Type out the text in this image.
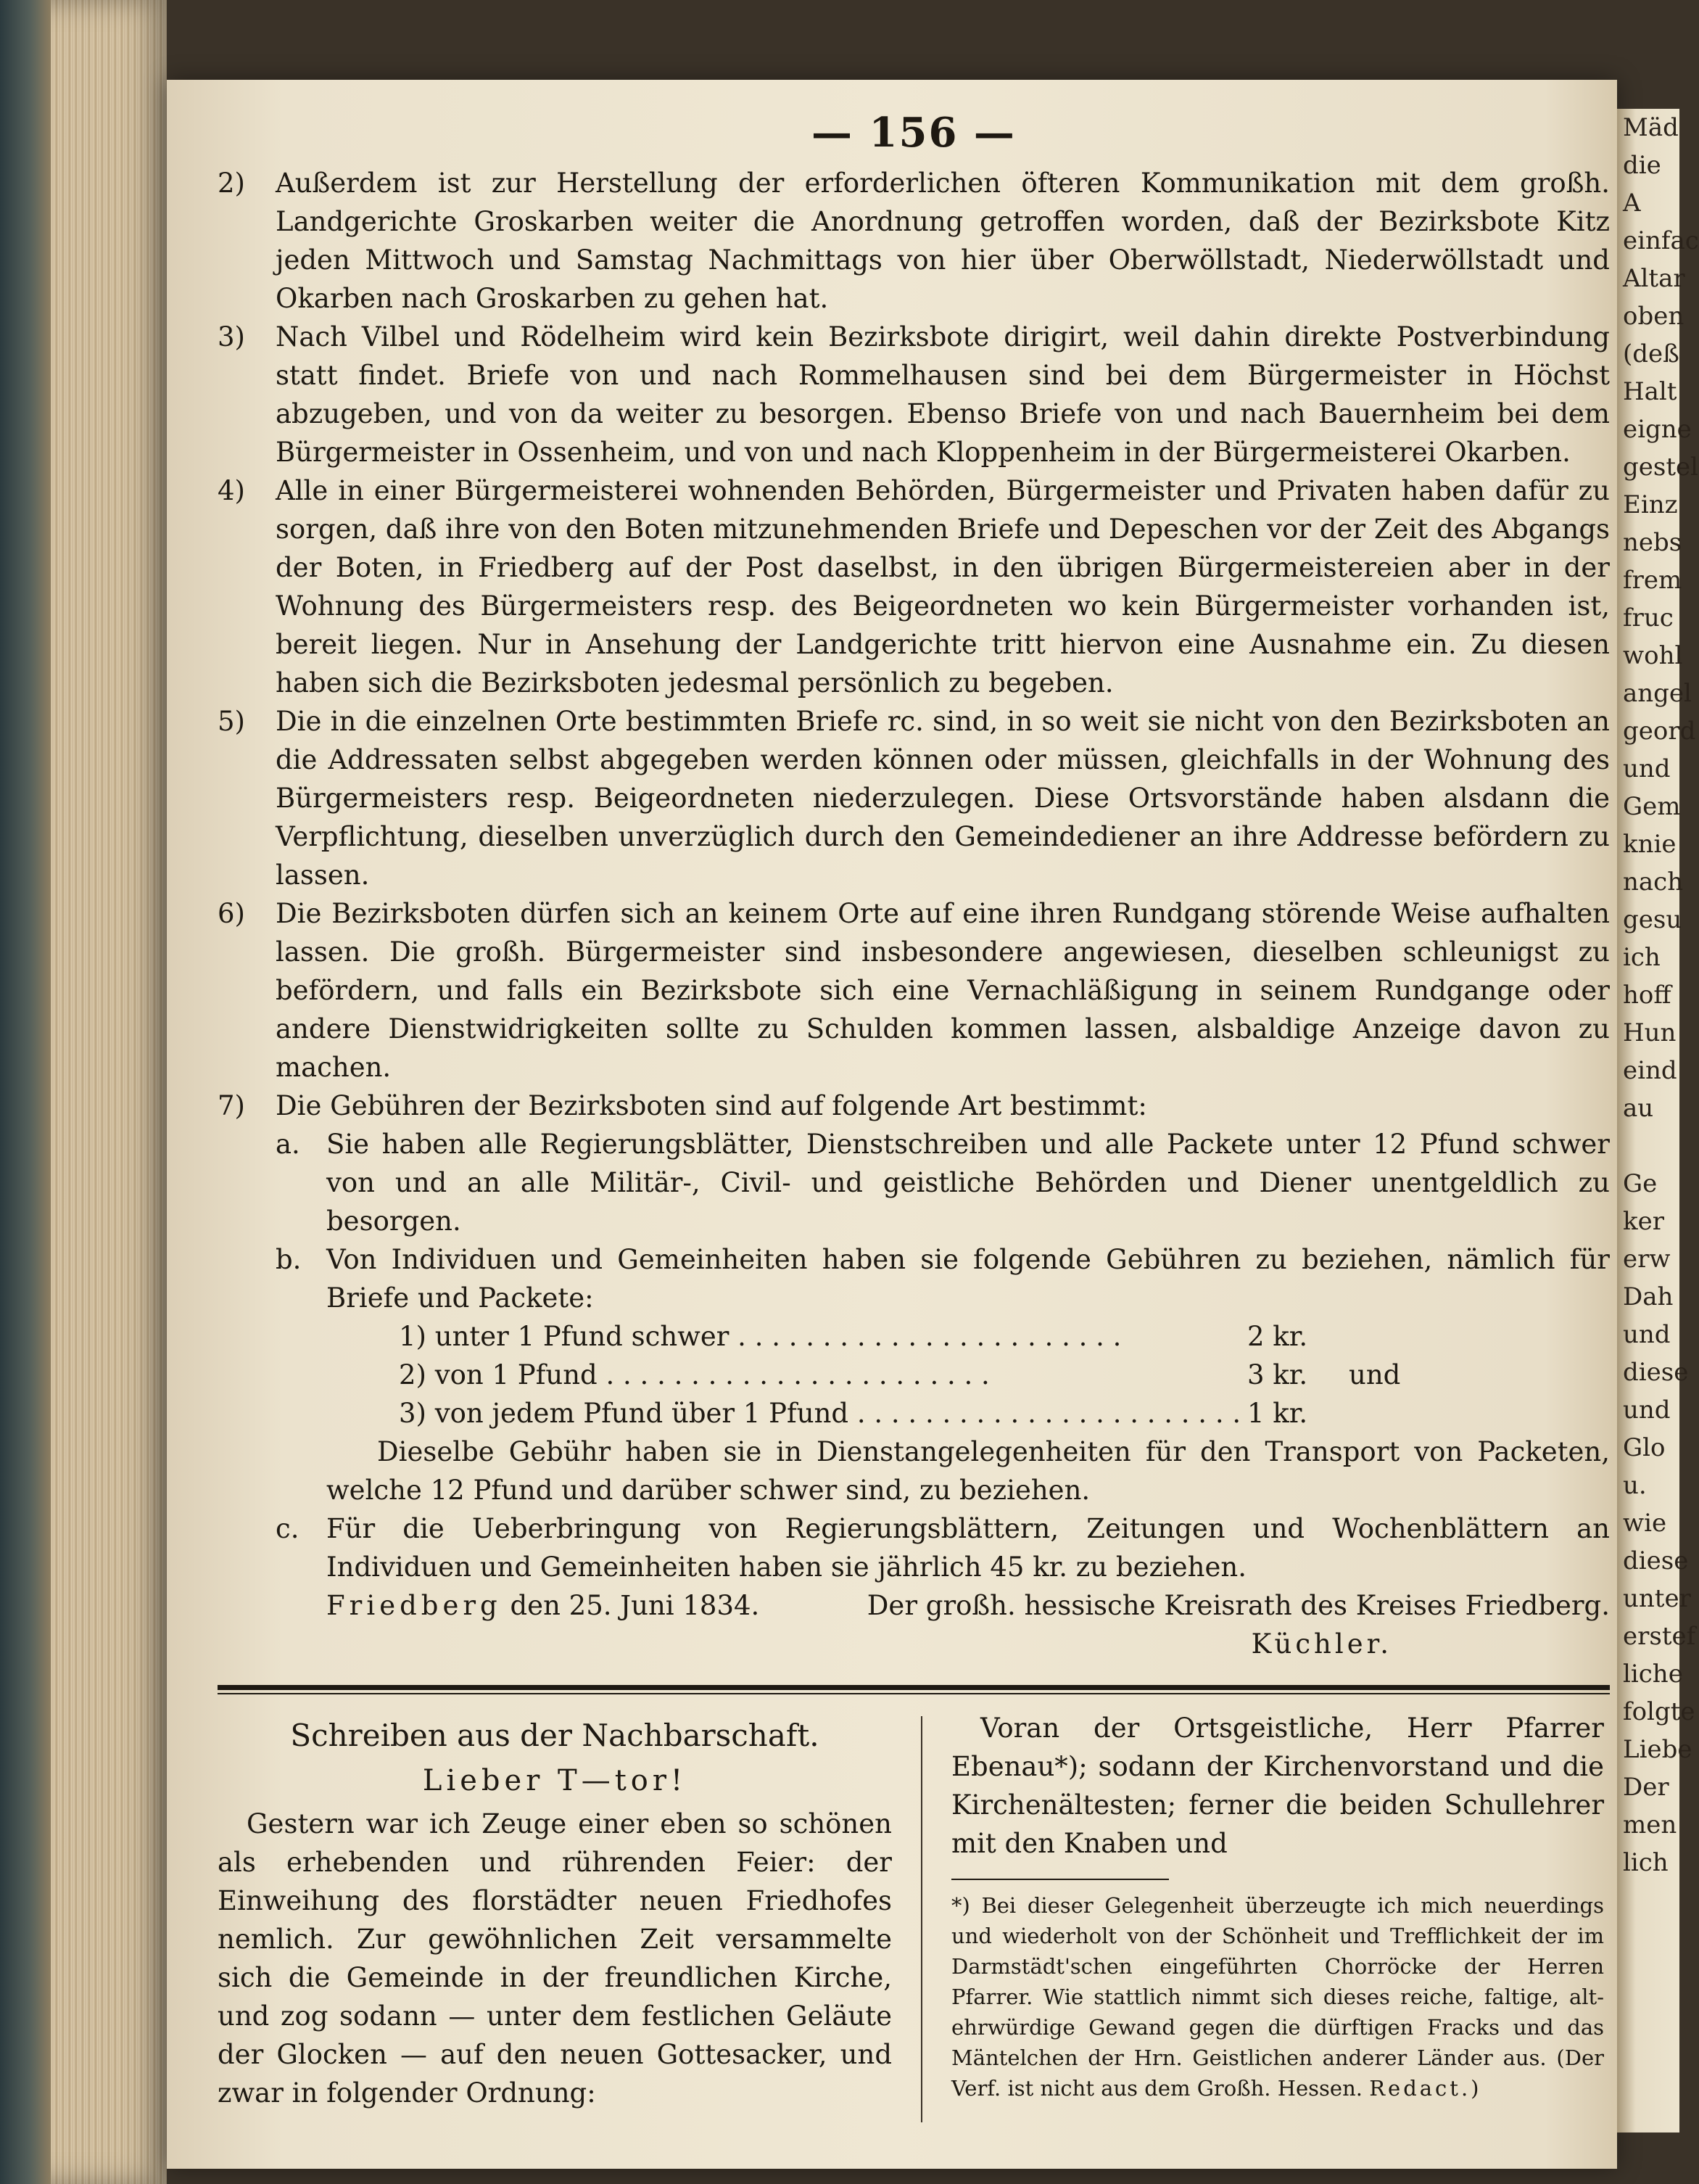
Mäd
die
A
einfac
Altar
oben
(deß
Halt
eigne
gestel
Einz
nebs
frem
fruc
wohl
angel
geord
und
Gem
knie
nach
gesu
ich
hoff
Hun
eind
au

Ge
ker
erw
Dah
und
diese
und
Glo
u.
wie
diese
unter
erstef
liche
folgte
Liebe
Der
men
lich
— 156 —
2)	Außerdem ist zur Herstellung der erforderlichen öfteren Kommunikation mit dem großh. Landgerichte Groskarben weiter die Anordnung getroffen worden, daß der Bezirksbote Kitz jeden Mittwoch und Samstag Nachmittags von hier über Oberwöllstadt, Niederwöllstadt und Okarben nach Groskarben zu gehen hat.
3)	Nach Vilbel und Rödelheim wird kein Bezirksbote dirigirt, weil dahin direkte Postverbindung statt findet. Briefe von und nach Rommelhausen sind bei dem Bürgermeister in Höchst abzugeben, und von da weiter zu besorgen. Ebenso Briefe von und nach Bauernheim bei dem Bürgermeister in Ossenheim, und von und nach Kloppenheim in der Bürgermeisterei Okarben.
4)	Alle in einer Bürgermeisterei wohnenden Behörden, Bürgermeister und Privaten haben dafür zu sorgen, daß ihre von den Boten mitzunehmenden Briefe und Depeschen vor der Zeit des Abgangs der Boten, in Friedberg auf der Post daselbst, in den übrigen Bürgermeistereien aber in der Wohnung des Bürgermeisters resp. des Beigeordneten wo kein Bürgermeister vorhanden ist, bereit liegen. Nur in Ansehung der Landgerichte tritt hiervon eine Ausnahme ein. Zu diesen haben sich die Bezirksboten jedesmal persönlich zu begeben.
5)	Die in die einzelnen Orte bestimmten Briefe rc. sind, in so weit sie nicht von den Bezirksboten an die Addressaten selbst abgegeben werden können oder müssen, gleichfalls in der Wohnung des Bürgermeisters resp. Beigeordneten niederzulegen. Diese Ortsvorstände haben alsdann die Verpflichtung, dieselben unverzüglich durch den Gemeindediener an ihre Addresse befördern zu lassen.
6)	Die Bezirksboten dürfen sich an keinem Orte auf eine ihren Rundgang störende Weise aufhalten lassen. Die großh. Bürgermeister sind insbesondere angewiesen, dieselben schleunigst zu befördern, und falls ein Bezirksbote sich eine Vernachläßigung in seinem Rundgange oder andere Dienstwidrigkeiten sollte zu Schulden kommen lassen, alsbaldige Anzeige davon zu machen.
7)	Die Gebühren der Bezirksboten sind auf folgende Art bestimmt:
a. Sie haben alle Regierungsblätter, Dienstschreiben und alle Packete unter 12 Pfund schwer von und an alle Militär-, Civil- und geistliche Behörden und Diener unentgeldlich zu besorgen.
b. Von Individuen und Gemeinheiten haben sie folgende Gebühren zu beziehen, nämlich für Briefe und Packete:
1) unter 1 Pfund schwer . .	2 kr.
2) von 1 Pfund . .	3 kr.	und
3) von jedem Pfund über 1 Pfund . .	1 kr.
Dieselbe Gebühr haben sie in Dienstangelegenheiten für den Transport von Packeten, welche 12 Pfund und darüber schwer sind, zu beziehen.
c.	Für die Ueberbringung von Regierungsblättern, Zeitungen und Wochenblättern an Individuen und Gemeinheiten haben sie jährlich 45 kr. zu beziehen.
Friedberg den 25. Juni 1834.	Der großh. hessische Kreisrath des Kreises Friedberg.
Küchler.
Schreiben aus der Nachbarschaft.
Lieber T—tor!

Gestern war ich Zeuge einer eben so schönen als erhebenden und rührenden Feier: der Einweihung des florstädter neuen Friedhofes nemlich. Zur gewöhnlichen Zeit versammelte sich die Gemeinde in der freundlichen Kirche, und zog sodann — unter dem festlichen Geläute der Glocken — auf den neuen Gottesacker, und zwar in folgender Ordnung:

Voran der Ortsgeistliche, Herr Pfarrer Ebenau*); sodann der Kirchenvorstand und die Kirchenältesten; ferner die beiden Schullehrer mit den Knaben und

*) Bei dieser Gelegenheit überzeugte ich mich neuerdings und wiederholt von der Schönheit und Trefflichkeit der im Darmstädt'schen eingeführten Chorröcke der Herren Pfarrer. Wie stattlich nimmt sich dieses reiche, faltige, alt-ehrwürdige Gewand gegen die dürftigen Fracks und das Mäntelchen der Hrn. Geistlichen anderer Länder aus. (Der Verf. ist nicht aus dem Großh. Hessen. Redact.)
